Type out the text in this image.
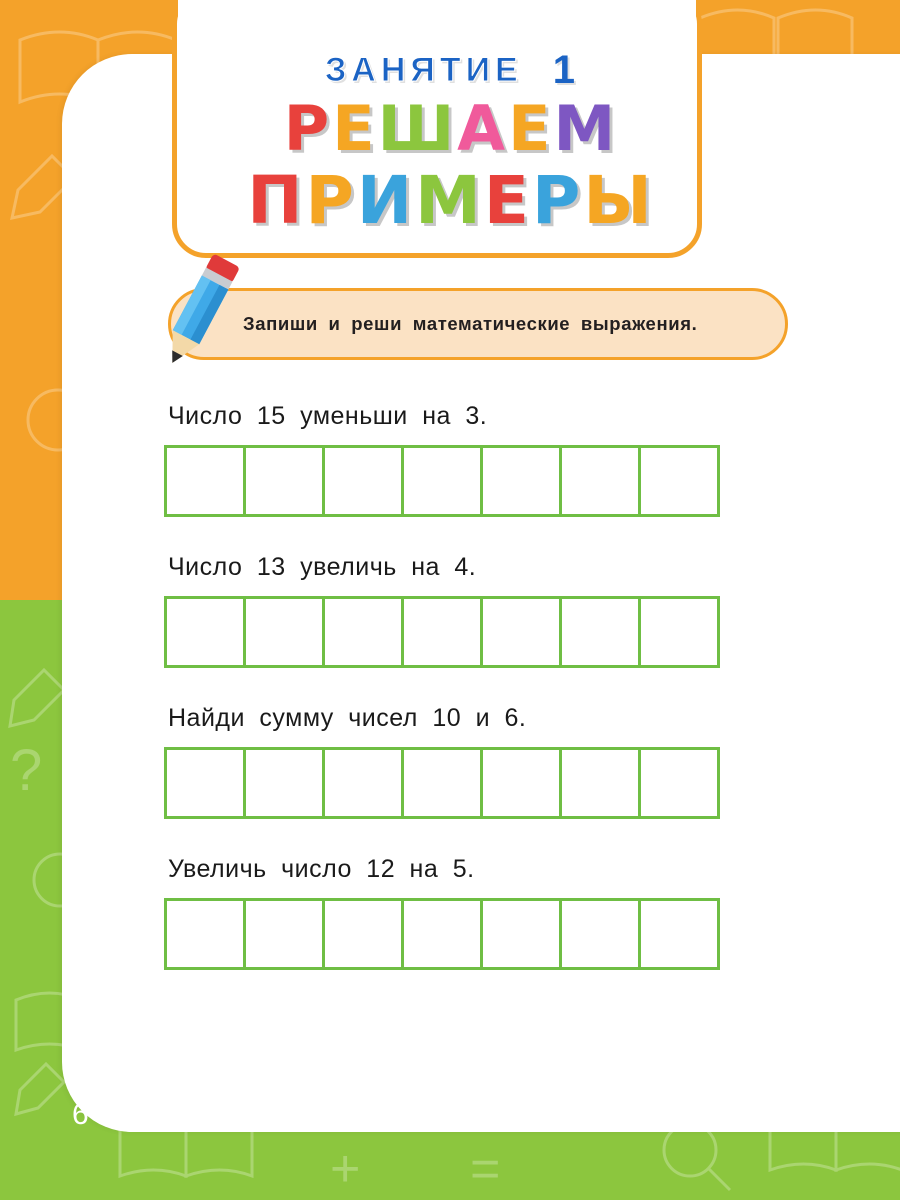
?
+ =
ЗАНЯТИЕ 1
РЕШАЕМ
ПРИМЕРЫ
Запиши и реши математические выражения.
Число 15 уменьши на 3.
Число 13 увеличь на 4.
Найди сумму чисел 10 и 6.
Увеличь число 12 на 5.
6
